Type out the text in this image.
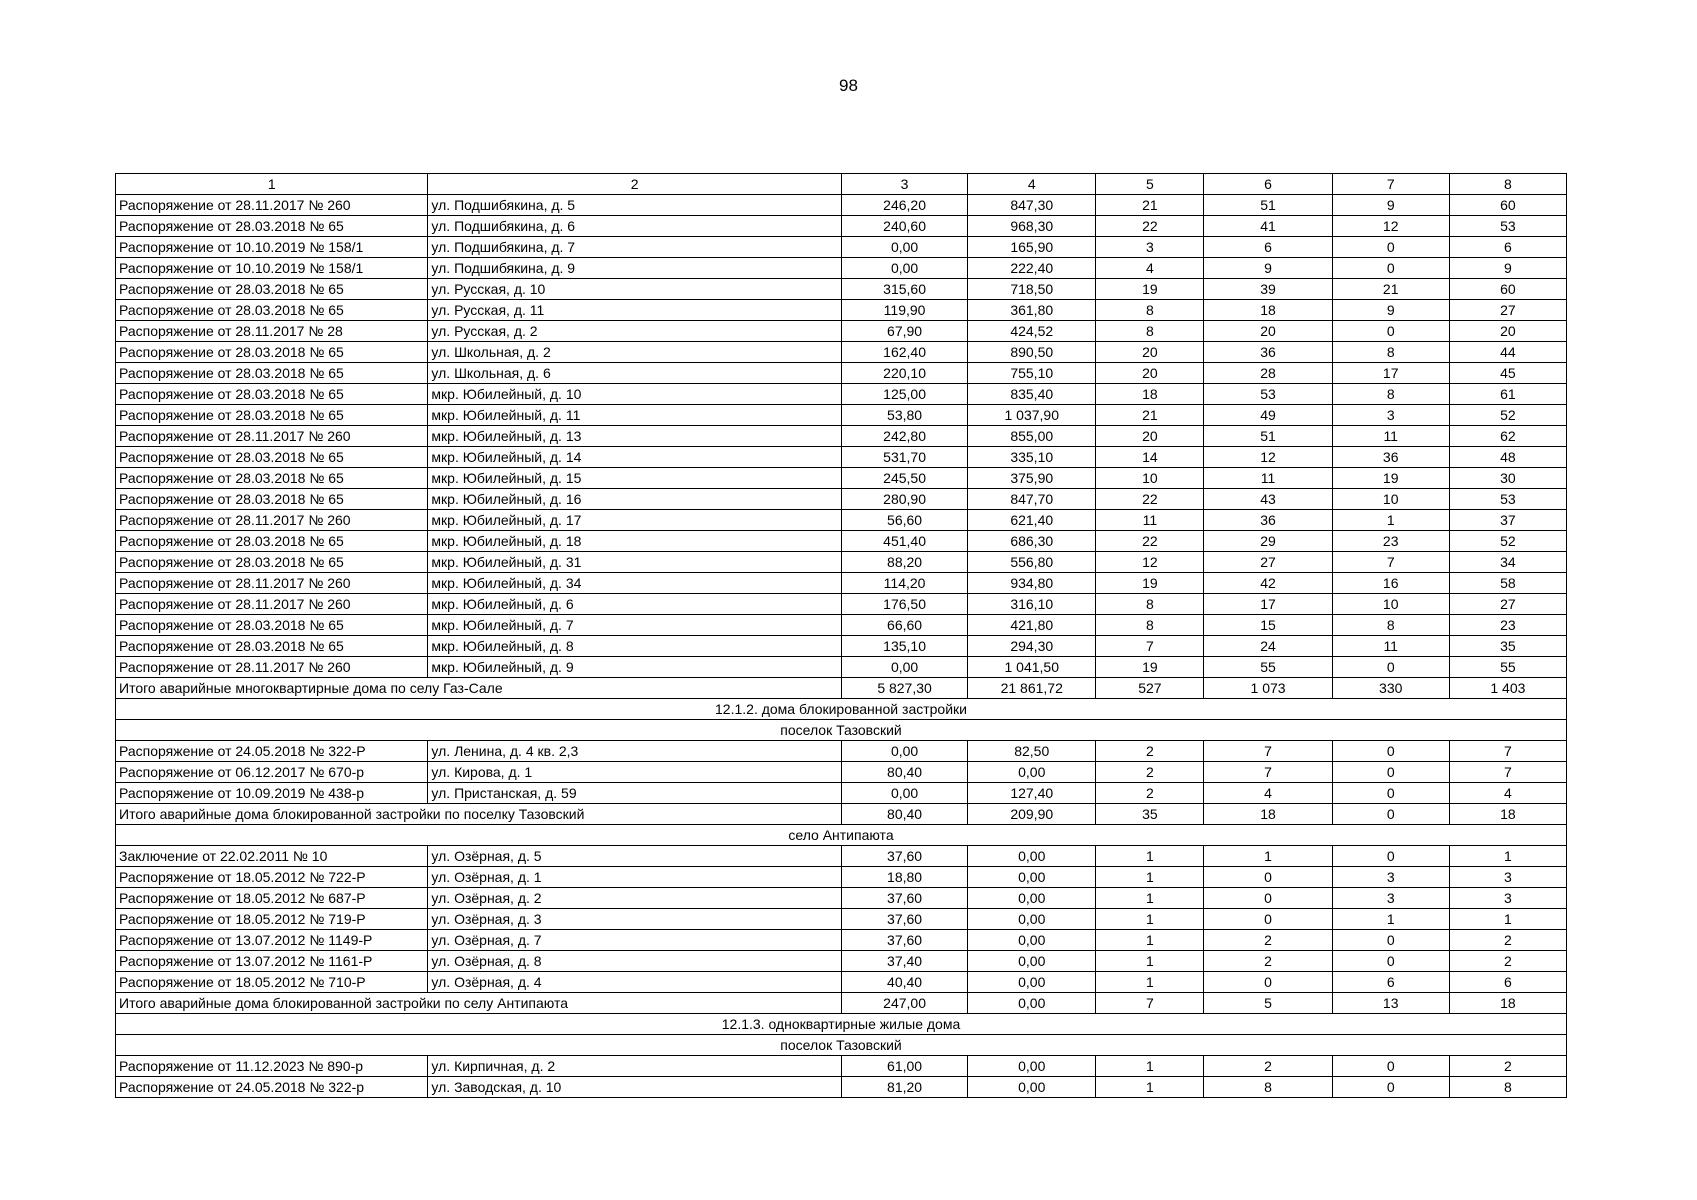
98
1	2	3	4	5	6	7	8
Распоряжение от 28.11.2017 № 260	ул. Подшибякина, д. 5	246,20	847,30	21	51	9	60
Распоряжение от 28.03.2018 № 65	ул. Подшибякина, д. 6	240,60	968,30	22	41	12	53
Распоряжение от 10.10.2019 № 158/1	ул. Подшибякина, д. 7	0,00	165,90	3	6	0	6
Распоряжение от 10.10.2019 № 158/1	ул. Подшибякина, д. 9	0,00	222,40	4	9	0	9
Распоряжение от 28.03.2018 № 65	ул. Русская, д. 10	315,60	718,50	19	39	21	60
Распоряжение от 28.03.2018 № 65	ул. Русская, д. 11	119,90	361,80	8	18	9	27
Распоряжение от 28.11.2017 № 28	ул. Русская, д. 2	67,90	424,52	8	20	0	20
Распоряжение от 28.03.2018 № 65	ул. Школьная, д. 2	162,40	890,50	20	36	8	44
Распоряжение от 28.03.2018 № 65	ул. Школьная, д. 6	220,10	755,10	20	28	17	45
Распоряжение от 28.03.2018 № 65	мкр. Юбилейный, д. 10	125,00	835,40	18	53	8	61
Распоряжение от 28.03.2018 № 65	мкр. Юбилейный, д. 11	53,80	1 037,90	21	49	3	52
Распоряжение от 28.11.2017 № 260	мкр. Юбилейный, д. 13	242,80	855,00	20	51	11	62
Распоряжение от 28.03.2018 № 65	мкр. Юбилейный, д. 14	531,70	335,10	14	12	36	48
Распоряжение от 28.03.2018 № 65	мкр. Юбилейный, д. 15	245,50	375,90	10	11	19	30
Распоряжение от 28.03.2018 № 65	мкр. Юбилейный, д. 16	280,90	847,70	22	43	10	53
Распоряжение от 28.11.2017 № 260	мкр. Юбилейный, д. 17	56,60	621,40	11	36	1	37
Распоряжение от 28.03.2018 № 65	мкр. Юбилейный, д. 18	451,40	686,30	22	29	23	52
Распоряжение от 28.03.2018 № 65	мкр. Юбилейный, д. 31	88,20	556,80	12	27	7	34
Распоряжение от 28.11.2017 № 260	мкр. Юбилейный, д. 34	114,20	934,80	19	42	16	58
Распоряжение от 28.11.2017 № 260	мкр. Юбилейный, д. 6	176,50	316,10	8	17	10	27
Распоряжение от 28.03.2018 № 65	мкр. Юбилейный, д. 7	66,60	421,80	8	15	8	23
Распоряжение от 28.03.2018 № 65	мкр. Юбилейный, д. 8	135,10	294,30	7	24	11	35
Распоряжение от 28.11.2017 № 260	мкр. Юбилейный, д. 9	0,00	1 041,50	19	55	0	55
Итого аварийные многоквартирные дома по селу Газ-Сале		5 827,30	21 861,72	527	1 073	330	1 403
12.1.2. дома блокированной застройки							
поселок Тазовский							
Распоряжение от 24.05.2018 № 322-Р	ул. Ленина, д. 4 кв. 2,3	0,00	82,50	2	7	0	7
Распоряжение от 06.12.2017 № 670-р	ул. Кирова, д. 1	80,40	0,00	2	7	0	7
Распоряжение от 10.09.2019 № 438-р	ул. Пристанская, д. 59	0,00	127,40	2	4	0	4
Итого аварийные дома блокированной застройки по поселку Тазовский		80,40	209,90	35	18	0	18
село Антипаюта							
Заключение от 22.02.2011 № 10	ул. Озёрная, д. 5	37,60	0,00	1	1	0	1
Распоряжение от 18.05.2012 № 722-Р	ул. Озёрная, д. 1	18,80	0,00	1	0	3	3
Распоряжение от 18.05.2012 № 687-Р	ул. Озёрная, д. 2	37,60	0,00	1	0	3	3
Распоряжение от 18.05.2012 № 719-Р	ул. Озёрная, д. 3	37,60	0,00	1	0	1	1
Распоряжение от 13.07.2012 № 1149-Р	ул. Озёрная, д. 7	37,60	0,00	1	2	0	2
Распоряжение от 13.07.2012 № 1161-Р	ул. Озёрная, д. 8	37,40	0,00	1	2	0	2
Распоряжение от 18.05.2012 № 710-Р	ул. Озёрная, д. 4	40,40	0,00	1	0	6	6
Итого аварийные дома блокированной застройки по селу Антипаюта		247,00	0,00	7	5	13	18
12.1.3. одноквартирные жилые дома							
поселок Тазовский							
Распоряжение от 11.12.2023 № 890-р	ул. Кирпичная, д. 2	61,00	0,00	1	2	0	2
Распоряжение от 24.05.2018 № 322-р	ул. Заводская, д. 10	81,20	0,00	1	8	0	8
